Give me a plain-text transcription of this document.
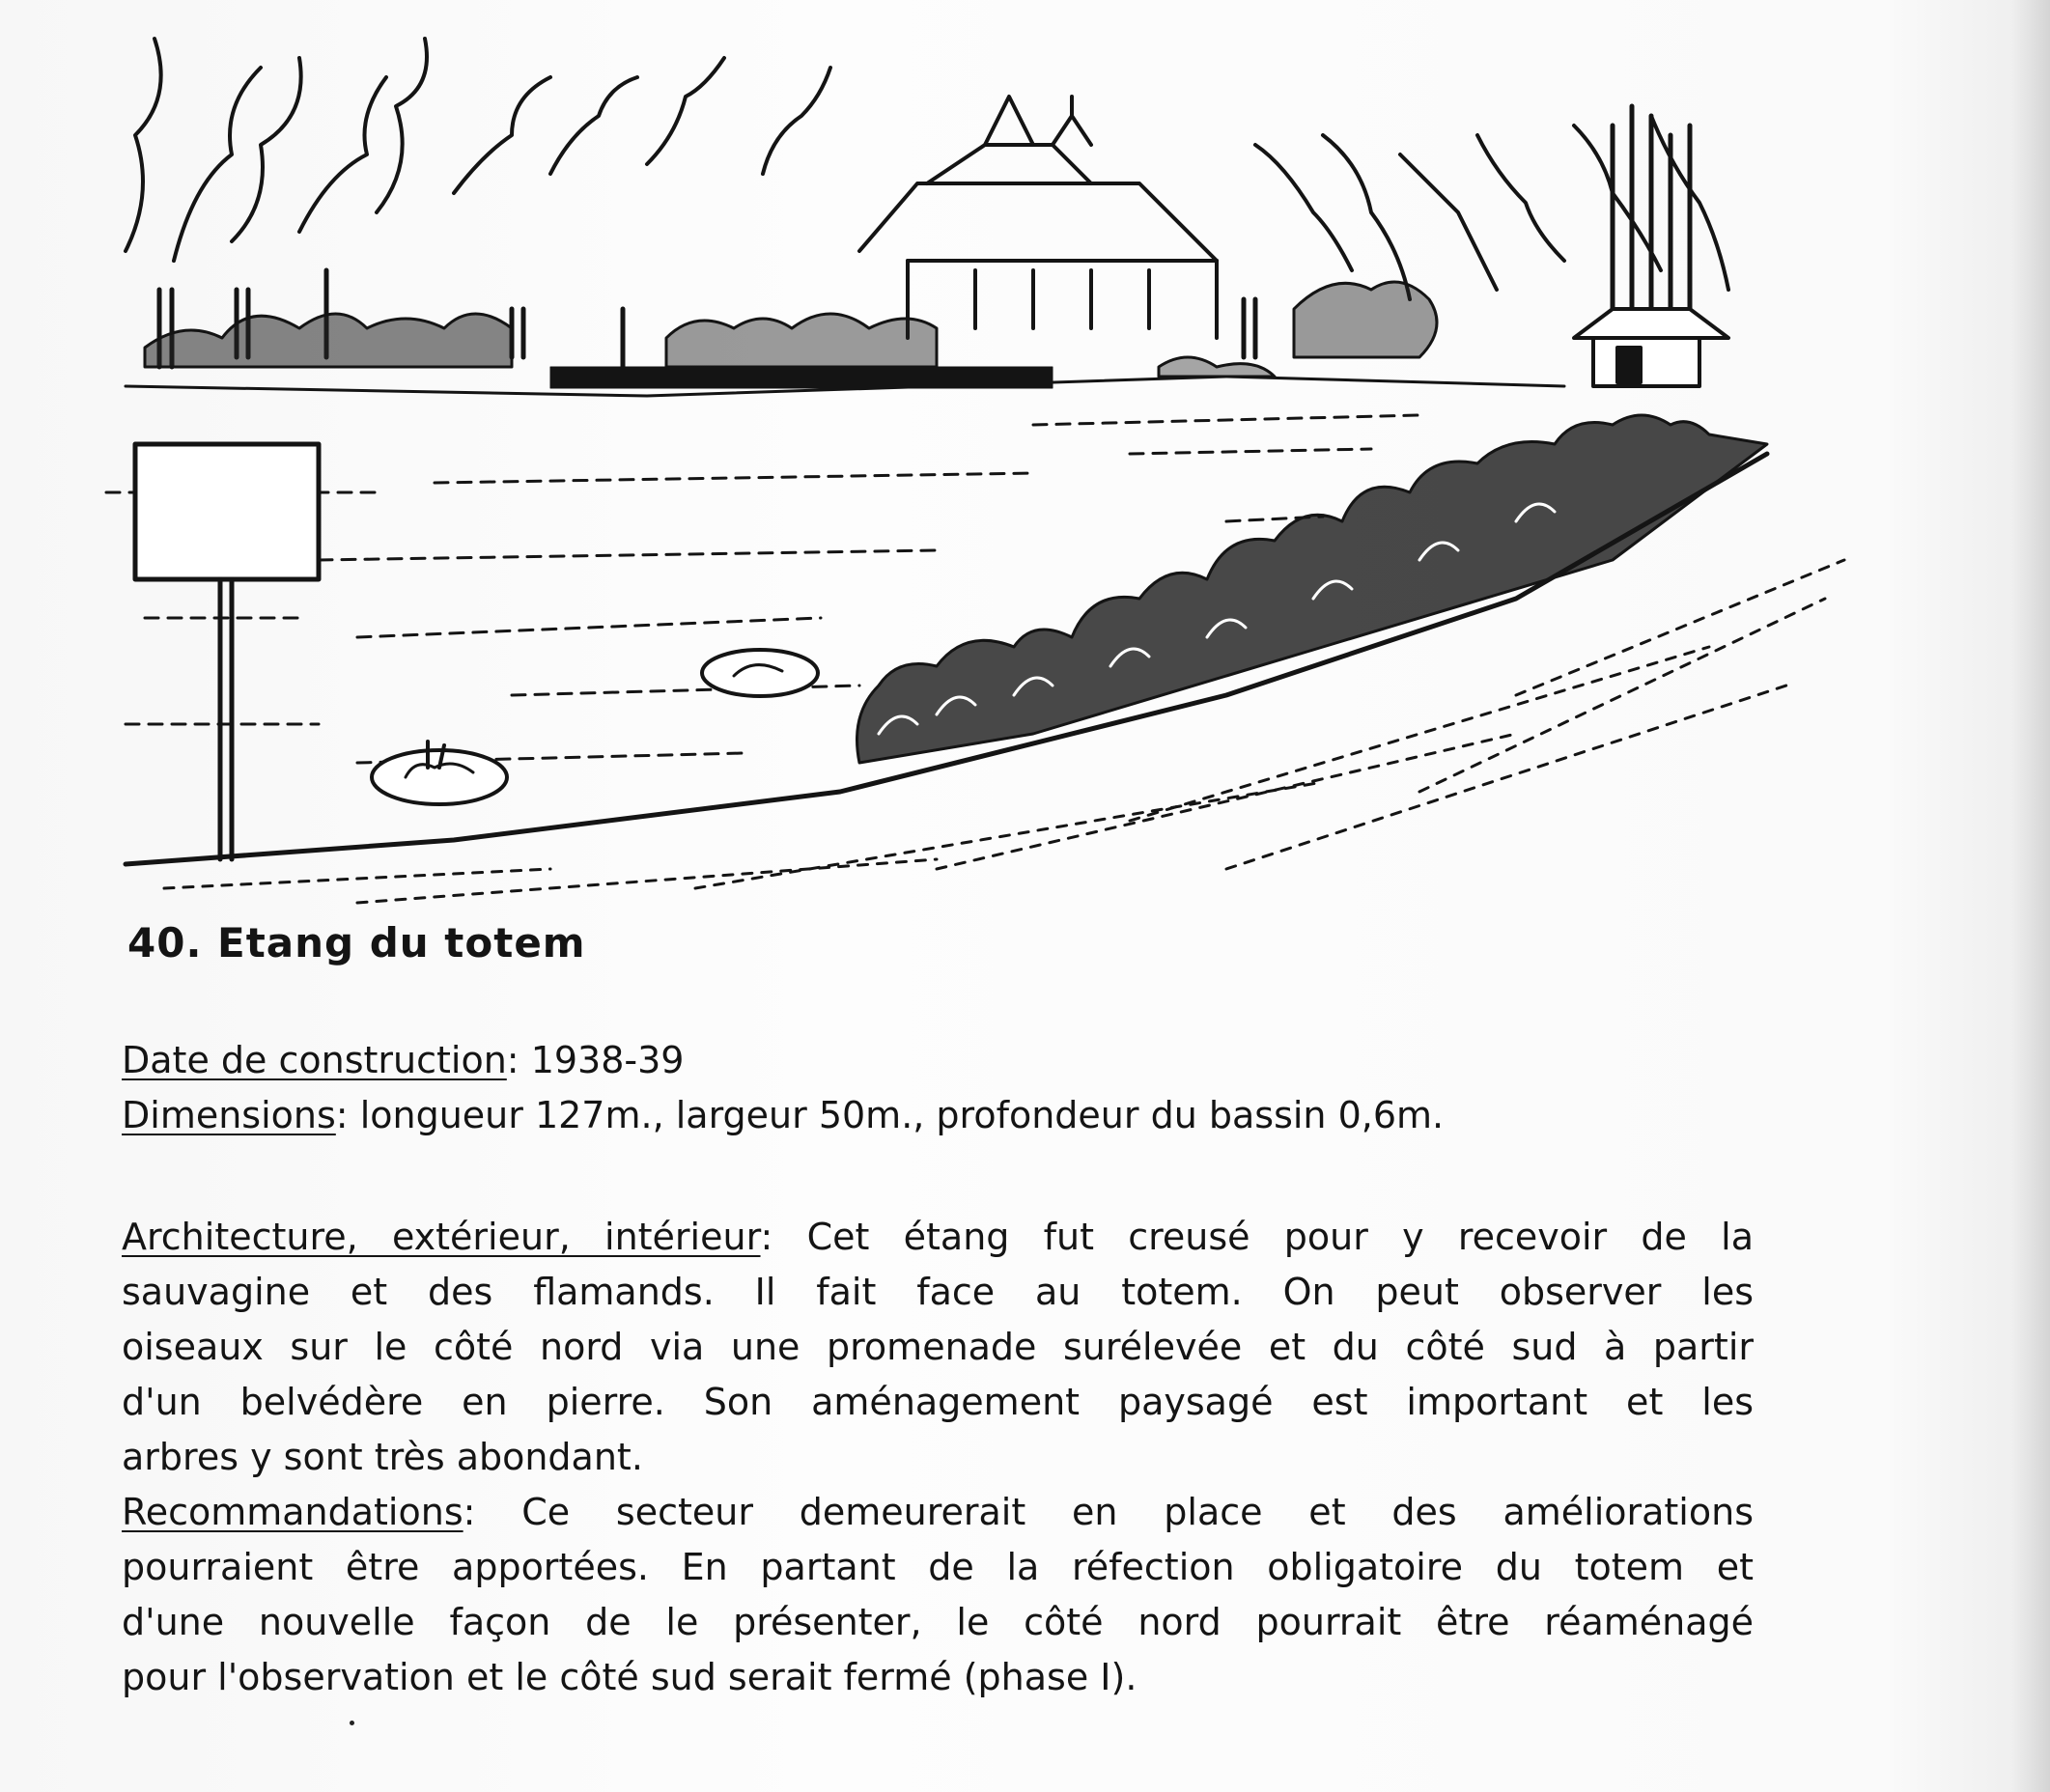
40. Etang du totem
Date de construction: 1938-39
Dimensions: longueur 127m., largeur 50m., profondeur du bassin 0,6m.
Architecture, extérieur, intérieur: Cet étang fut creusé pour y recevoir de la
sauvagine et des flamands. Il fait face au totem. On peut observer les
oiseaux sur le côté nord via une promenade surélevée et du côté sud à partir
d'un belvédère en pierre. Son aménagement paysagé est important et les
arbres y sont très abondant.
Recommandations: Ce secteur demeurerait en place et des améliorations
pourraient être apportées. En partant de la réfection obligatoire du totem et
d'une nouvelle façon de le présenter, le côté nord pourrait être réaménagé
pour l'observation et le côté sud serait fermé (phase I).
